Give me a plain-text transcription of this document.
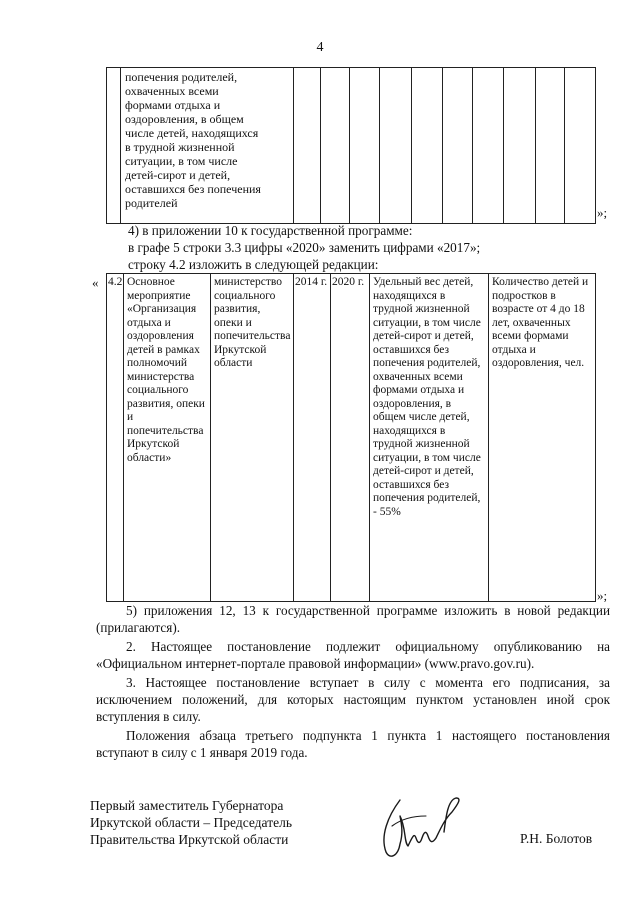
4

попечения родителей,
охваченных всеми
формами отдыха и
оздоровления, в общем
числе детей, находящихся
в трудной жизненной
ситуации, в том числе
детей-сирот и детей,
оставшихся без попечения
родителей

»;
4) в приложении 10 к государственной программе:
в графе 5 строки 3.3 цифры «2020» заменить цифрами «2017»;
строку 4.2 изложить в следующей редакции:
« 4.2	Основное мероприятие «Организация отдыха и оздоровления детей в рамках полномочий министерства социального развития, опеки и попечительства Иркутской области»	министерство социального развития, опеки и попечительства Иркутской области	2014 г.	2020 г.	Удельный вес детей, находящихся в трудной жизненной ситуации, в том числе детей-сирот и детей, оставшихся без попечения родителей, охваченных всеми формами отдыха и оздоровления, в общем числе детей, находящихся в трудной жизненной ситуации, в том числе детей-сирот и детей, оставшихся без попечения родителей, - 55%	Количество детей и подростков в возрасте от 4 до 18 лет, охваченных всеми формами отдыха и оздоровления, чел.
»;
5) приложения 12, 13 к государственной программе изложить в новой редакции (прилагаются).
2. Настоящее постановление подлежит официальному опубликованию на «Официальном интернет-портале правовой информации» (www.pravo.gov.ru).
3. Настоящее постановление вступает в силу с момента его подписания, за исключением положений, для которых настоящим пунктом установлен иной срок вступления в силу.
Положения абзаца третьего подпункта 1 пункта 1 настоящего постановления вступают в силу с 1 января 2019 года.
Первый заместитель Губернатора
Иркутской области – Председатель
Правительства Иркутской области	Р.Н. Болотов
